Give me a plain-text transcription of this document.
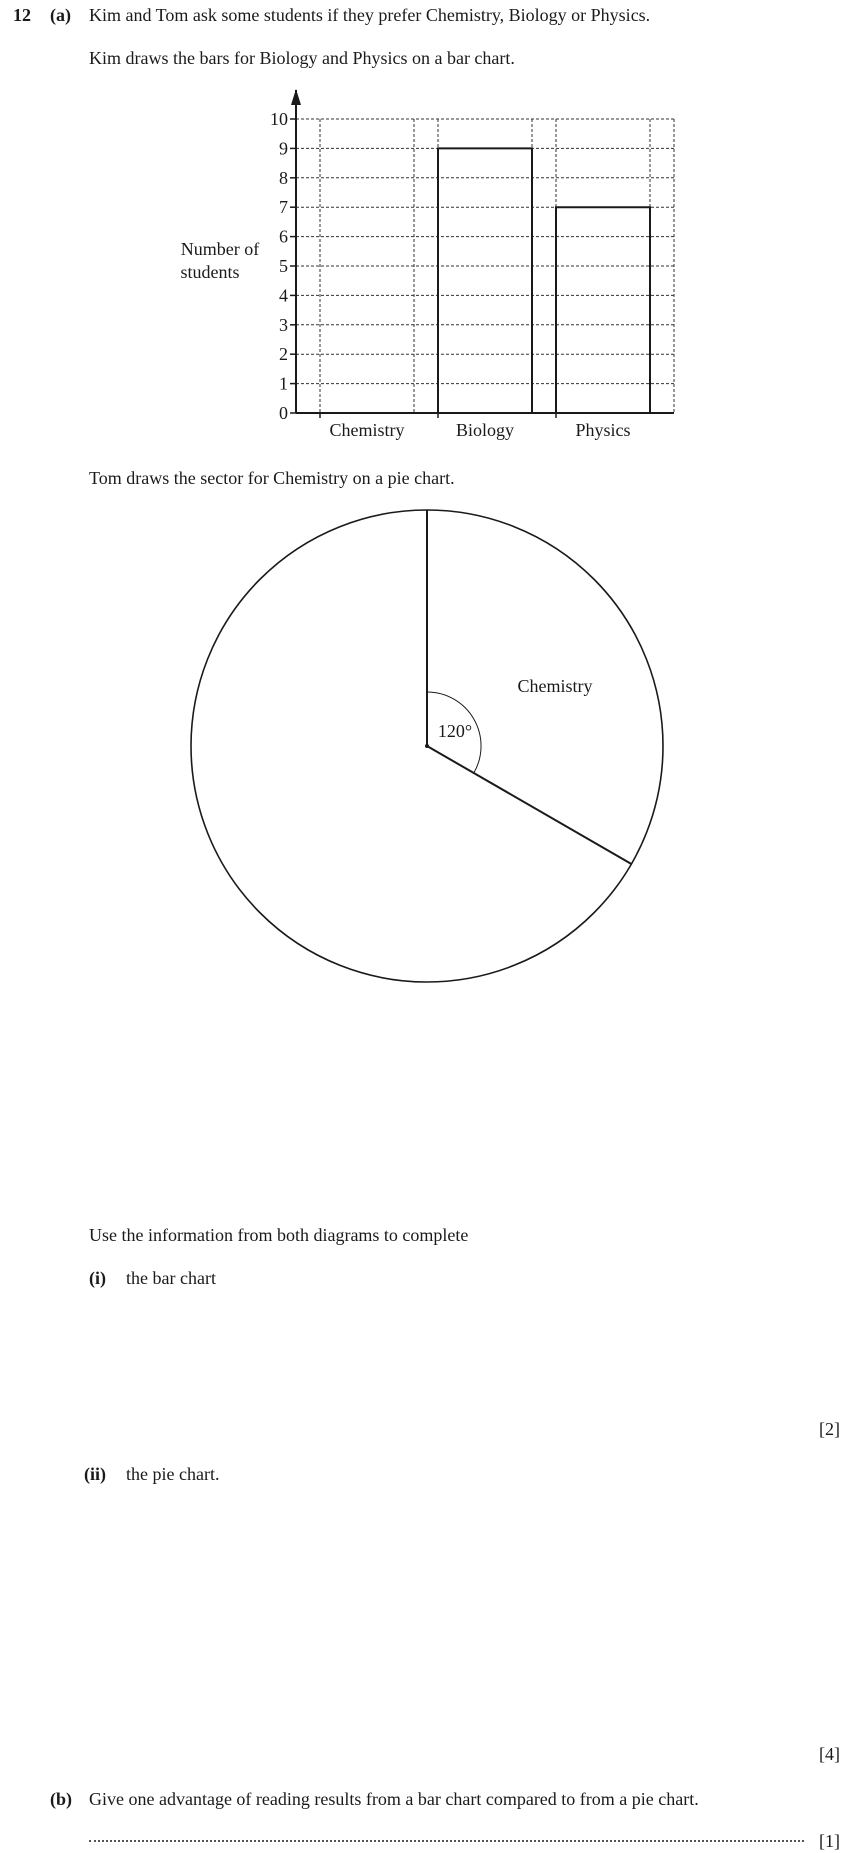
12 (a) Kim and Tom ask some students if they prefer Chemistry, Biology or Physics.
Kim draws the bars for Biology and Physics on a bar chart.
0
1
2
3
4
5
6
7
8
9
10
Chemistry	Biology	Physics
Number of
students
Tom draws the sector for Chemistry on a pie chart.
120°
Chemistry
Use the information from both diagrams to complete
(i) the bar chart
[2]
(ii) the pie chart.
[4]
(b) Give one advantage of reading results from a bar chart compared to from a pie chart.
[1]
